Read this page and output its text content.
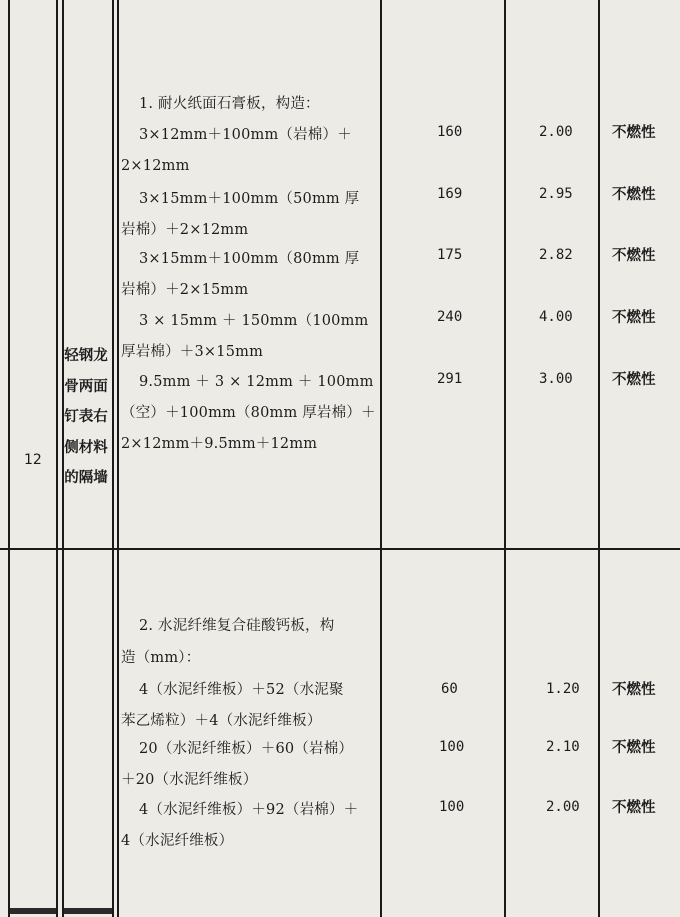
12
轻钢龙骨两面钉表右侧材料的隔墙
1. 耐火纸面石膏板，构造：
3×12mm＋100mm（岩棉）＋
2×12mm
160	2.00	不燃性
3×15mm＋100mm（50mm 厚
岩棉）＋2×12mm
169	2.95	不燃性
3×15mm＋100mm（80mm 厚
岩棉）＋2×15mm
175	2.82	不燃性
3 × 15mm ＋ 150mm（100mm
厚岩棉）＋3×15mm
240	4.00	不燃性
9.5mm ＋ 3 × 12mm ＋ 100mm
（空）＋100mm（80mm 厚岩棉）＋
2×12mm＋9.5mm＋12mm
291	3.00	不燃性
2. 水泥纤维复合硅酸钙板，构
造（mm）：
4（水泥纤维板）＋52（水泥聚
苯乙烯粒）＋4（水泥纤维板）
60	1.20 不燃性
20（水泥纤维板）＋60（岩棉）
＋20（水泥纤维板）
100	2.10 不燃性
4（水泥纤维板）＋92（岩棉）＋
4（水泥纤维板）
100	2.00 不燃性
